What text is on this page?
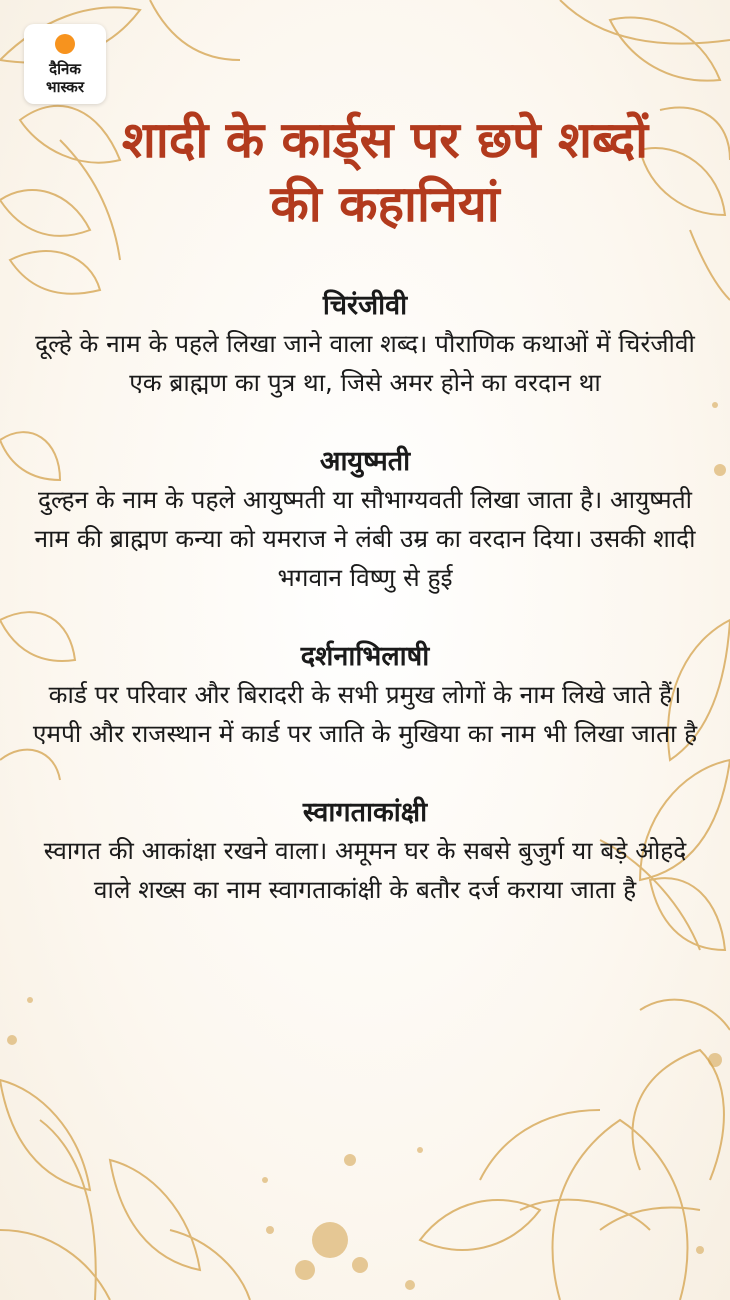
दैनिक
भास्कर
शादी के कार्ड्स पर छपे शब्दों की कहानियां
चिरंजीवी

दूल्हे के नाम के पहले लिखा जाने वाला शब्द। पौराणिक कथाओं में चिरंजीवी एक ब्राह्मण का पुत्र था, जिसे अमर होने का वरदान था

आयुष्मती

दुल्हन के नाम के पहले आयुष्मती या सौभाग्यवती लिखा जाता है। आयुष्मती नाम की ब्राह्मण कन्या को यमराज ने लंबी उम्र का वरदान दिया। उसकी शादी भगवान विष्णु से हुई

दर्शनाभिलाषी

कार्ड पर परिवार और बिरादरी के सभी प्रमुख लोगों के नाम लिखे जाते हैं। एमपी और राजस्थान में कार्ड पर जाति के मुखिया का नाम भी लिखा जाता है

स्वागताकांक्षी

स्वागत की आकांक्षा रखने वाला। अमूमन घर के सबसे बुजुर्ग या बड़े ओहदे वाले शख्स का नाम स्वागताकांक्षी के बतौर दर्ज कराया जाता है
